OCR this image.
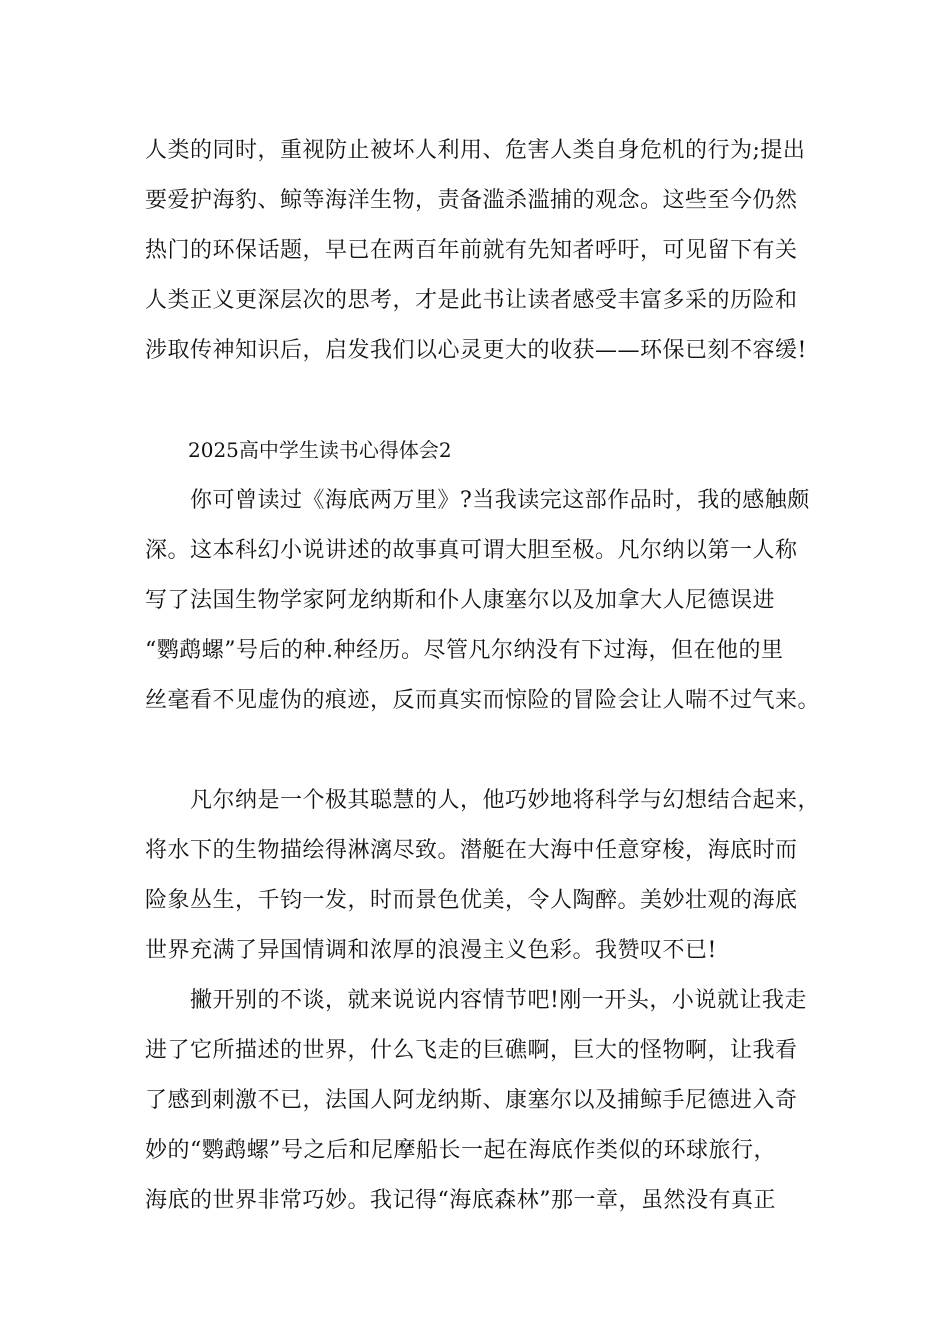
人类的同时，重视防止被坏人利用、危害人类自身危机的行为;提出
要爱护海豹、鲸等海洋生物，责备滥杀滥捕的观念。这些至今仍然
热门的环保话题，早已在两百年前就有先知者呼吁，可见留下有关
人类正义更深层次的思考，才是此书让读者感受丰富多采的历险和
涉取传神知识后，启发我们以心灵更大的收获——环保已刻不容缓!
2025高中学生读书心得体会2
　　你可曾读过《海底两万里》?当我读完这部作品时，我的感触颇
深。这本科幻小说讲述的故事真可谓大胆至极。凡尔纳以第一人称
写了法国生物学家阿龙纳斯和仆人康塞尔以及加拿大人尼德误进
“鹦鹉螺”号后的种.种经历。尽管凡尔纳没有下过海，但在他的里
丝毫看不见虚伪的痕迹，反而真实而惊险的冒险会让人喘不过气来。
　　凡尔纳是一个极其聪慧的人，他巧妙地将科学与幻想结合起来，
将水下的生物描绘得淋漓尽致。潜艇在大海中任意穿梭，海底时而
险象丛生，千钧一发，时而景色优美，令人陶醉。美妙壮观的海底
世界充满了异国情调和浓厚的浪漫主义色彩。我赞叹不已!
　　撇开别的不谈，就来说说内容情节吧!刚一开头，小说就让我走
进了它所描述的世界，什么飞走的巨礁啊，巨大的怪物啊，让我看
了感到刺激不已，法国人阿龙纳斯、康塞尔以及捕鲸手尼德进入奇
妙的“鹦鹉螺”号之后和尼摩船长一起在海底作类似的环球旅行，
海底的世界非常巧妙。我记得“海底森林”那一章，虽然没有真正
